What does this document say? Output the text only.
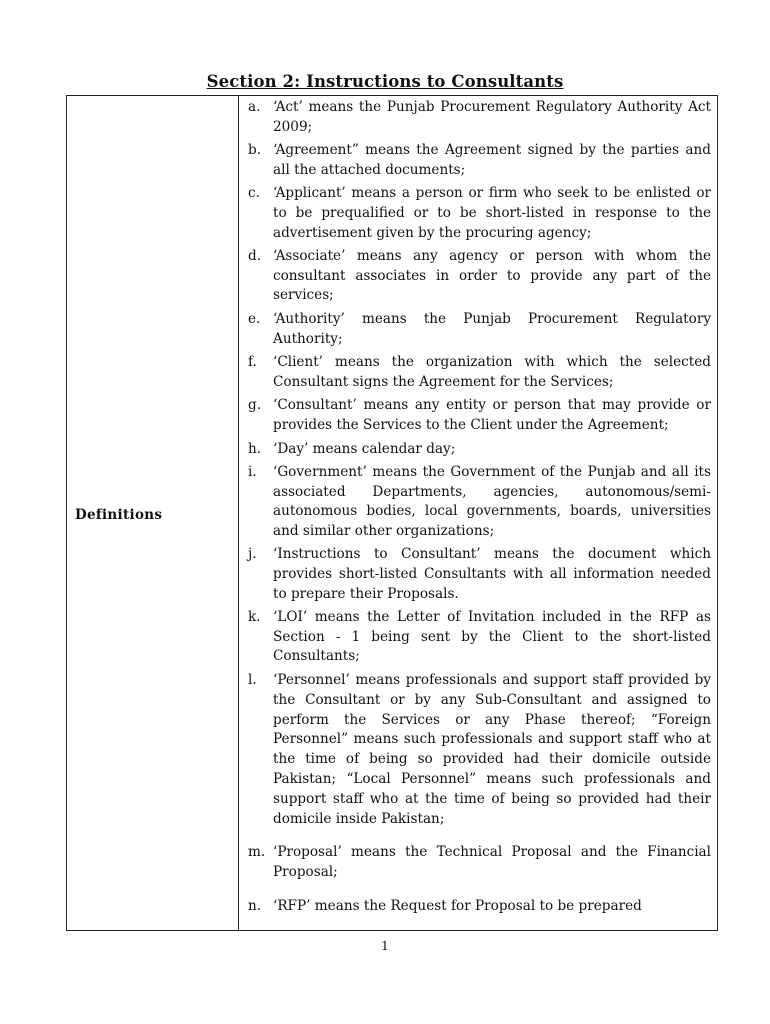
Section 2: Instructions to Consultants
Definitions
a. ‘Act’ means the Punjab Procurement Regulatory Authority Act 2009;
b. ‘Agreement” means the Agreement signed by the parties and all the attached documents;
c. ‘Applicant’ means a person or firm who seek to be enlisted or to be prequalified or to be short-listed in response to the advertisement given by the procuring agency;
d. ‘Associate’ means any agency or person with whom the consultant associates in order to provide any part of the services;
e. ‘Authority’ means the Punjab Procurement Regulatory Authority;
f. ‘Client’ means the organization with which the selected Consultant signs the Agreement for the Services;
g. ‘Consultant’ means any entity or person that may provide or provides the Services to the Client under the Agreement;
h. ‘Day’ means calendar day;
i. ‘Government’ means the Government of the Punjab and all its associated Departments, agencies, autonomous/semi-autonomous bodies, local governments, boards, universities and similar other organizations;
j. ‘Instructions to Consultant’ means the document which provides short-listed Consultants with all information needed to prepare their Proposals.
k. ‘LOI’ means the Letter of Invitation included in the RFP as Section - 1 being sent by the Client to the short-listed Consultants;
l. ‘Personnel’ means professionals and support staff provided by the Consultant or by any Sub-Consultant and assigned to perform the Services or any Phase thereof; “Foreign Personnel” means such professionals and support staff who at the time of being so provided had their domicile outside Pakistan; “Local Personnel” means such professionals and support staff who at the time of being so provided had their domicile inside Pakistan;
m. ‘Proposal’ means the Technical Proposal and the Financial Proposal;
n. ‘RFP’ means the Request for Proposal to be prepared
1
